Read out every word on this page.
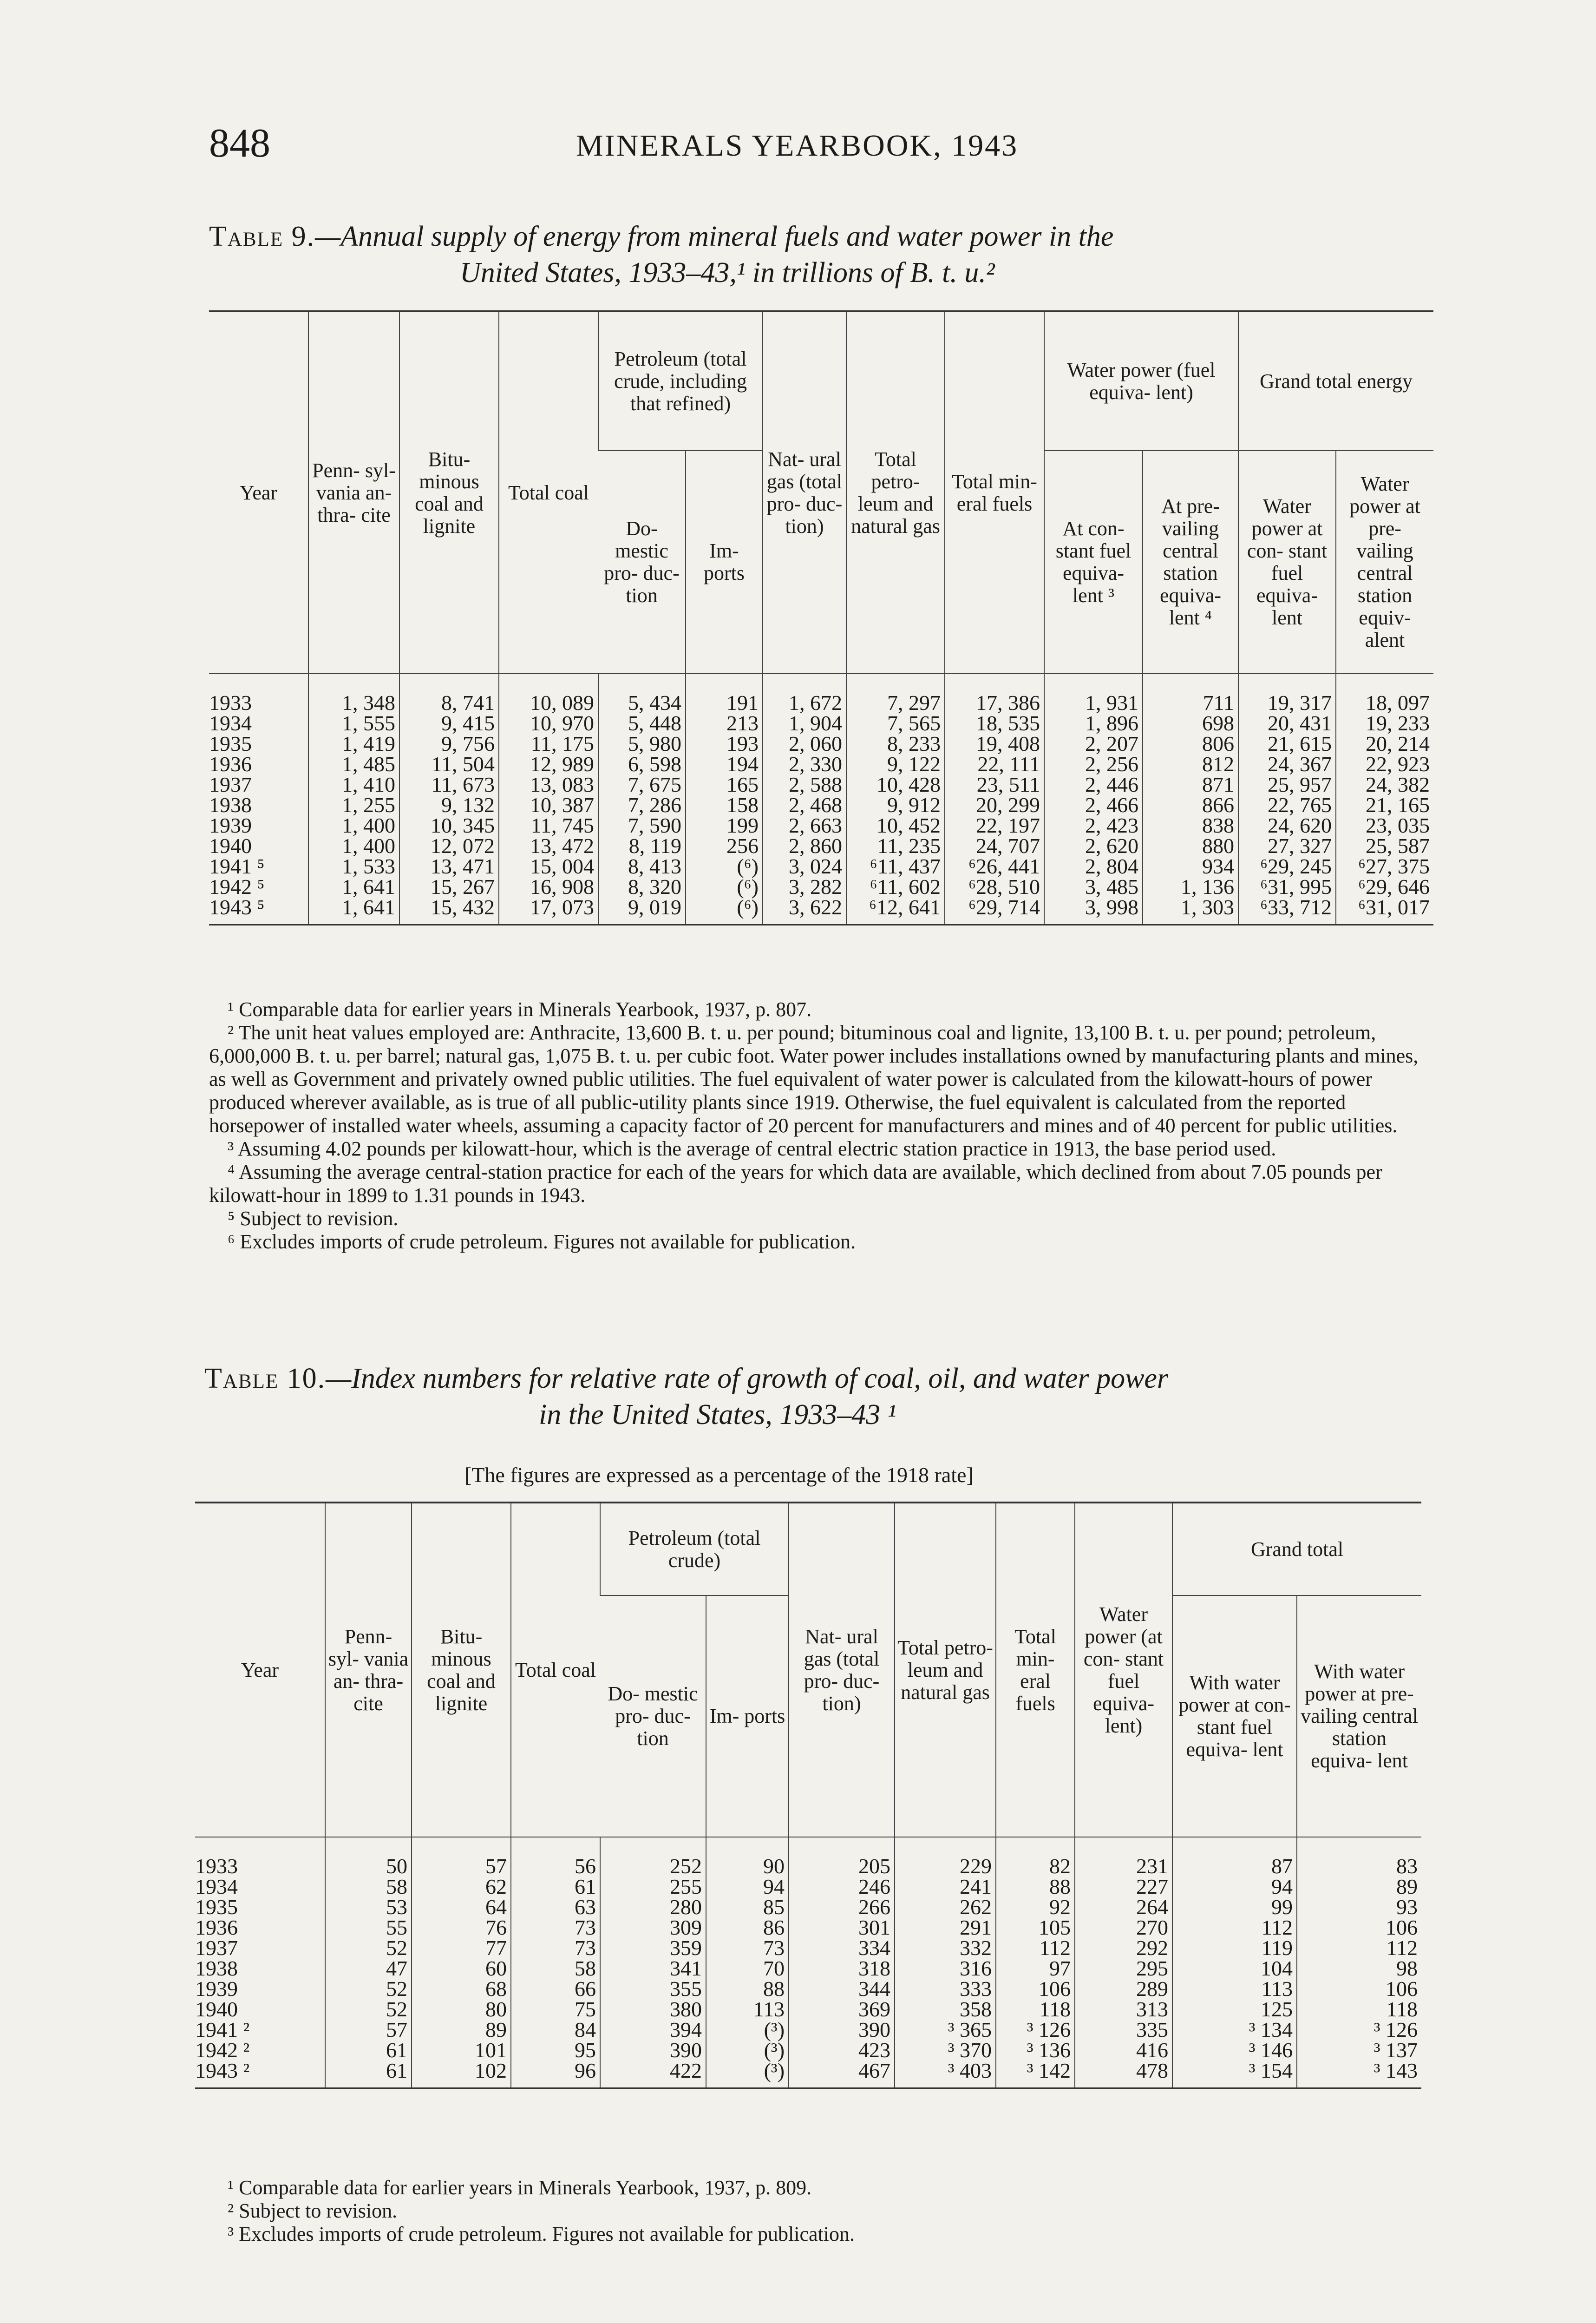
848	MINERALS YEARBOOK, 1943
Table 9.—Annual supply of energy from mineral fuels and water power in the
United States, 1933–43,¹ in trillions of B. t. u.²
Year	Penn- syl- vania an- thra- cite	Bitu- minous coal and lignite	Total coal	Petroleum (total crude, including that refined)		Nat- ural gas (total pro- duc- tion)	Total petro- leum and natural gas	Total min- eral fuels	Water power (fuel equiva- lent)		Grand total energy	
				Do- mestic pro- duc- tion	Im- ports				At con- stant fuel equiva- lent ³	At pre- vailing central station equiva- lent ⁴	Water power at con- stant fuel equiva- lent	Water power at pre- vailing central station equiv- alent
1933	1, 348	8, 741	10, 089	5, 434	191	1, 672	7, 297	17, 386	1, 931	711	19, 317	18, 097
1934	1, 555	9, 415	10, 970	5, 448	213	1, 904	7, 565	18, 535	1, 896	698	20, 431	19, 233
1935	1, 419	9, 756	11, 175	5, 980	193	2, 060	8, 233	19, 408	2, 207	806	21, 615	20, 214
1936	1, 485	11, 504	12, 989	6, 598	194	2, 330	9, 122	22, 111	2, 256	812	24, 367	22, 923
1937	1, 410	11, 673	13, 083	7, 675	165	2, 588	10, 428	23, 511	2, 446	871	25, 957	24, 382
1938	1, 255	9, 132	10, 387	7, 286	158	2, 468	9, 912	20, 299	2, 466	866	22, 765	21, 165
1939	1, 400	10, 345	11, 745	7, 590	199	2, 663	10, 452	22, 197	2, 423	838	24, 620	23, 035
1940	1, 400	12, 072	13, 472	8, 119	256	2, 860	11, 235	24, 707	2, 620	880	27, 327	25, 587
1941 ⁵	1, 533	13, 471	15, 004	8, 413	(⁶)	3, 024	⁶11, 437	⁶26, 441	2, 804	934	⁶29, 245	⁶27, 375
1942 ⁵	1, 641	15, 267	16, 908	8, 320	(⁶)	3, 282	⁶11, 602	⁶28, 510	3, 485	1, 136	⁶31, 995	⁶29, 646
1943 ⁵	1, 641	15, 432	17, 073	9, 019	(⁶)	3, 622	⁶12, 641	⁶29, 714	3, 998	1, 303	⁶33, 712	⁶31, 017

¹ Comparable data for earlier years in Minerals Yearbook, 1937, p. 807.

² The unit heat values employed are: Anthracite, 13,600 B. t. u. per pound; bituminous coal and lignite, 13,100 B. t. u. per pound; petroleum, 6,000,000 B. t. u. per barrel; natural gas, 1,075 B. t. u. per cubic foot. Water power includes installations owned by manufacturing plants and mines, as well as Government and privately owned public utilities. The fuel equivalent of water power is calculated from the kilowatt-hours of power produced wherever available, as is true of all public-utility plants since 1919. Otherwise, the fuel equivalent is calculated from the reported horsepower of installed water wheels, assuming a capacity factor of 20 percent for manufacturers and mines and of 40 percent for public utilities.

³ Assuming 4.02 pounds per kilowatt-hour, which is the average of central electric station practice in 1913, the base period used.

⁴ Assuming the average central-station practice for each of the years for which data are available, which declined from about 7.05 pounds per kilowatt-hour in 1899 to 1.31 pounds in 1943.

⁵ Subject to revision.

⁶ Excludes imports of crude petroleum. Figures not available for publication.

Table 10.—Index numbers for relative rate of growth of coal, oil, and water power
in the United States, 1933–43 ¹
[The figures are expressed as a percentage of the 1918 rate]
Year	Penn- syl- vania an- thra- cite	Bitu- minous coal and lignite	Total coal	Petroleum (total crude)		Nat- ural gas (total pro- duc- tion)	Total petro- leum and natural gas	Total min- eral fuels	Water power (at con- stant fuel equiva- lent)	Grand total	
				Do- mestic pro- duc- tion	Im- ports					With water power at con- stant fuel equiva- lent	With water power at pre- vailing central station equiva- lent
1933	50	57	56	252	90	205	229	82	231	87	83
1934	58	62	61	255	94	246	241	88	227	94	89
1935	53	64	63	280	85	266	262	92	264	99	93
1936	55	76	73	309	86	301	291	105	270	112	106
1937	52	77	73	359	73	334	332	112	292	119	112
1938	47	60	58	341	70	318	316	97	295	104	98
1939	52	68	66	355	88	344	333	106	289	113	106
1940	52	80	75	380	113	369	358	118	313	125	118
1941 ²	57	89	84	394	(³)	390	³ 365	³ 126	335	³ 134	³ 126
1942 ²	61	101	95	390	(³)	423	³ 370	³ 136	416	³ 146	³ 137
1943 ²	61	102	96	422	(³)	467	³ 403	³ 142	478	³ 154	³ 143

¹ Comparable data for earlier years in Minerals Yearbook, 1937, p. 809.

² Subject to revision.

³ Excludes imports of crude petroleum. Figures not available for publication.
